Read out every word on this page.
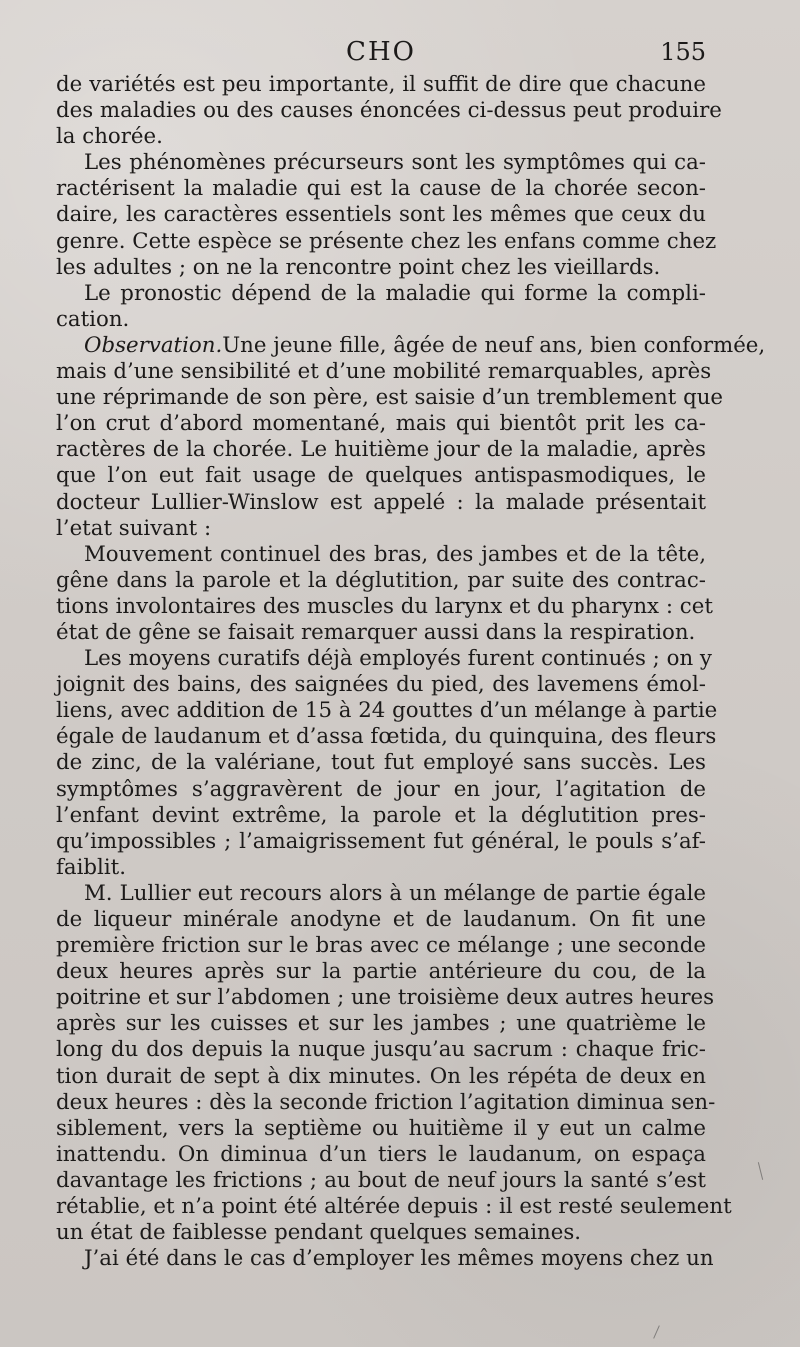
CHO	155
de variétés est peu importante, il suffit de dire que chacune
des maladies ou des causes énoncées ci-dessus peut produire
la chorée.
Les phénomènes précurseurs sont les symptômes qui ca-
ractérisent la maladie qui est la cause de la chorée secon-
daire, les caractères essentiels sont les mêmes que ceux du
genre. Cette espèce se présente chez les enfans comme chez
les adultes ; on ne la rencontre point chez les vieillards.
Le pronostic dépend de la maladie qui forme la compli-
cation.
Observation.Une jeune fille, âgée de neuf ans, bien conformée,
mais d’une sensibilité et d’une mobilité remarquables, après
une réprimande de son père, est saisie d’un tremblement que
l’on crut d’abord momentané, mais qui bientôt prit les ca-
ractères de la chorée. Le huitième jour de la maladie, après
que l’on eut fait usage de quelques antispasmodiques, le
docteur Lullier-Winslow est appelé : la malade présentait
l’etat suivant :
Mouvement continuel des bras, des jambes et de la tête,
gêne dans la parole et la déglutition, par suite des contrac-
tions involontaires des muscles du larynx et du pharynx : cet
état de gêne se faisait remarquer aussi dans la respiration.
Les moyens curatifs déjà employés furent continués ; on y
joignit des bains, des saignées du pied, des lavemens émol-
liens, avec addition de 15 à 24 gouttes d’un mélange à partie
égale de laudanum et d’assa fœtida, du quinquina, des fleurs
de zinc, de la valériane, tout fut employé sans succès. Les
symptômes s’aggravèrent de jour en jour, l’agitation de
l’enfant devint extrême, la parole et la déglutition pres-
qu’impossibles ; l’amaigrissement fut général, le pouls s’af-
faiblit.
M. Lullier eut recours alors à un mélange de partie égale
de liqueur minérale anodyne et de laudanum. On fit une
première friction sur le bras avec ce mélange ; une seconde
deux heures après sur la partie antérieure du cou, de la
poitrine et sur l’abdomen ; une troisième deux autres heures
après sur les cuisses et sur les jambes ; une quatrième le
long du dos depuis la nuque jusqu’au sacrum : chaque fric-
tion durait de sept à dix minutes. On les répéta de deux en
deux heures : dès la seconde friction l’agitation diminua sen-
siblement, vers la septième ou huitième il y eut un calme
inattendu. On diminua d’un tiers le laudanum, on espaça
davantage les frictions ; au bout de neuf jours la santé s’est
rétablie, et n’a point été altérée depuis : il est resté seulement
un état de faiblesse pendant quelques semaines.
J’ai été dans le cas d’employer les mêmes moyens chez un
